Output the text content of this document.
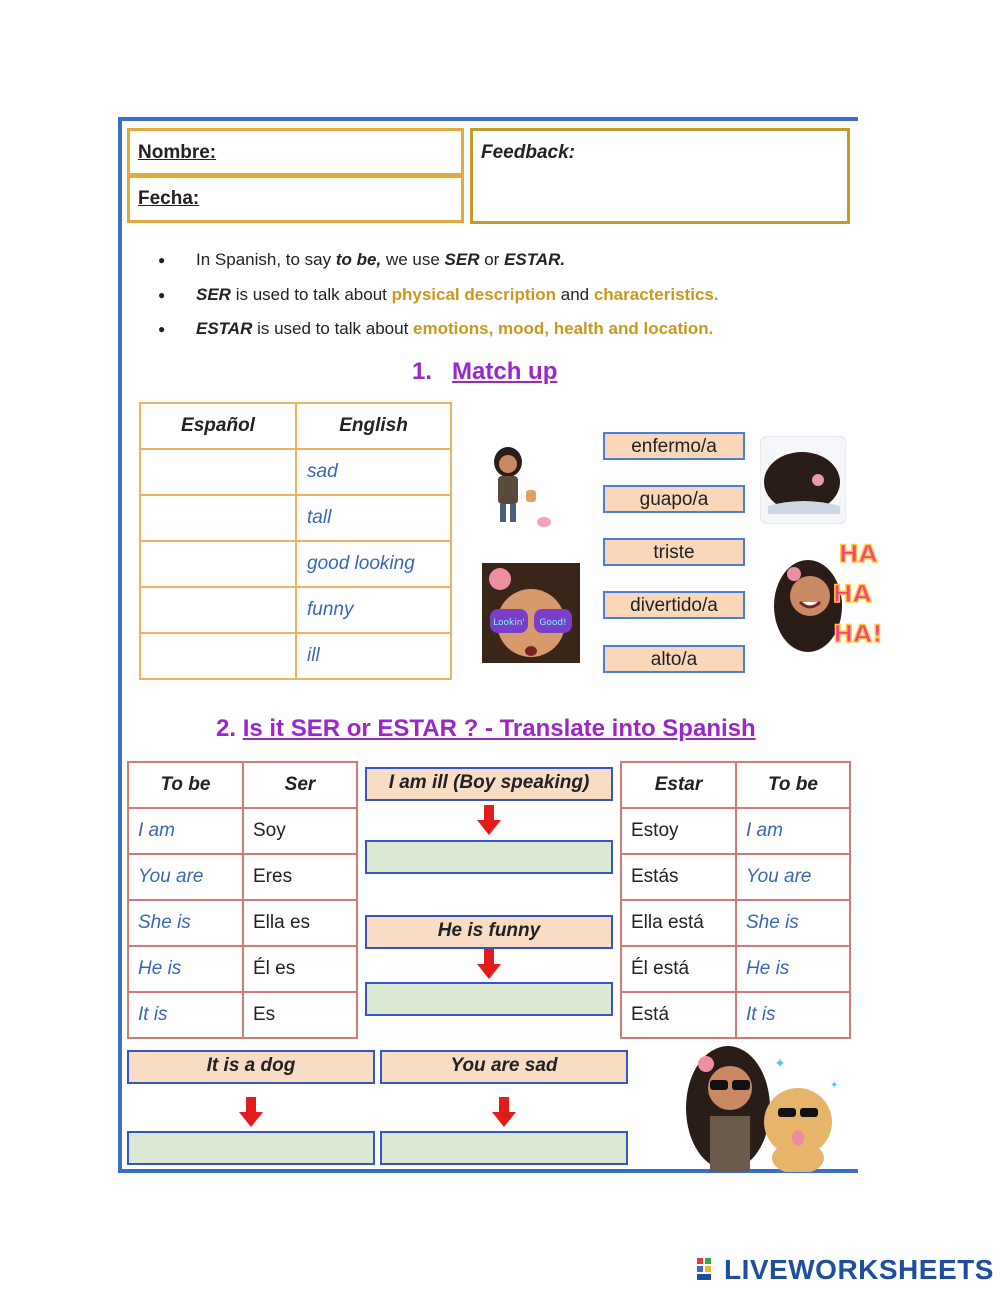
Nombre:
Fecha:
Feedback:
● In Spanish, to say to be, we use SER or ESTAR.
● SER is used to talk about physical description and characteristics.
● ESTAR is used to talk about emotions, mood, health and location.
1. Match up
Español	English
	sad
	tall
	good looking
	funny
	ill
enfermo/a
guapo/a
triste
divertido/a
alto/a
Lookin' Good!
HA
HA
HA!
2. Is it SER or ESTAR ? - Translate into Spanish
To be	Ser
I am	Soy
You are	Eres
She is	Ella es
He is	Él es
It is	Es
Estar	To be
Estoy	I am
Estás	You are
Ella está	She is
Él está	He is
Está	It is
I am ill (Boy speaking)
He is funny
It is a dog	You are sad	✦
✦
LIVEWORKSHEETS
